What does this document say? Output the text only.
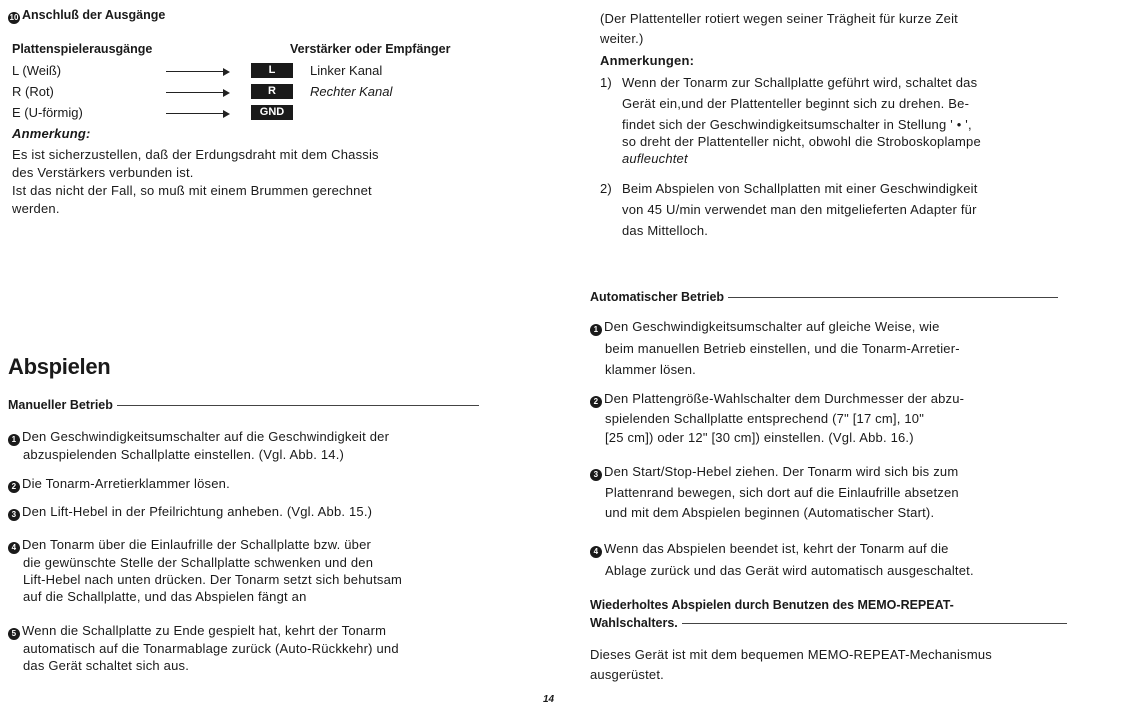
10 Anschluß der Ausgänge
Plattenspielerausgänge	Verstärker oder Empfänger
L (Weiß)	L	Linker Kanal
R (Rot)	R	Rechter Kanal
E (U-förmig)	GND
Anmerkung:
Es ist sicherzustellen, daß der Erdungsdraht mit dem Chassis
des Verstärkers verbunden ist.
Ist das nicht der Fall, so muß mit einem Brummen gerechnet
werden.
Abspielen
Manueller Betrieb
1 Den Geschwindigkeitsumschalter auf die Geschwindigkeit der
abzuspielenden Schallplatte einstellen. (Vgl. Abb. 14.)
2 Die Tonarm-Arretierklammer lösen.
3 Den Lift-Hebel in der Pfeilrichtung anheben. (Vgl. Abb. 15.)
4 Den Tonarm über die Einlaufrille der Schallplatte bzw. über
die gewünschte Stelle der Schallplatte schwenken und den
Lift-Hebel nach unten drücken. Der Tonarm setzt sich behutsam
auf die Schallplatte, und das Abspielen fängt an
5 Wenn die Schallplatte zu Ende gespielt hat, kehrt der Tonarm
automatisch auf die Tonarmablage zurück (Auto-Rückkehr) und
das Gerät schaltet sich aus.
(Der Plattenteller rotiert wegen seiner Trägheit für kurze Zeit
weiter.)
Anmerkungen:
1) Wenn der Tonarm zur Schallplatte geführt wird, schaltet das
Gerät ein,und der Plattenteller beginnt sich zu drehen. Be-
findet sich der Geschwindigkeitsumschalter in Stellung ' • ',
so dreht der Plattenteller nicht, obwohl die Stroboskoplampe
aufleuchtet
2) Beim Abspielen von Schallplatten mit einer Geschwindigkeit
von 45 U/min verwendet man den mitgelieferten Adapter für
das Mittelloch.
Automatischer Betrieb
1 Den Geschwindigkeitsumschalter auf gleiche Weise, wie
beim manuellen Betrieb einstellen, und die Tonarm-Arretier-
klammer lösen.
2 Den Plattengröße-Wahlschalter dem Durchmesser der abzu-
spielenden Schallplatte entsprechend (7" [17 cm], 10"
[25 cm]) oder 12" [30 cm]) einstellen. (Vgl. Abb. 16.)
3 Den Start/Stop-Hebel ziehen. Der Tonarm wird sich bis zum
Plattenrand bewegen, sich dort auf die Einlaufrille absetzen
und mit dem Abspielen beginnen (Automatischer Start).
4 Wenn das Abspielen beendet ist, kehrt der Tonarm auf die
Ablage zurück und das Gerät wird automatisch ausgeschaltet.
Wiederholtes Abspielen durch Benutzen des MEMO-REPEAT-
Wahlschalters.
Dieses Gerät ist mit dem bequemen MEMO-REPEAT-Mechanismus
ausgerüstet.
14
